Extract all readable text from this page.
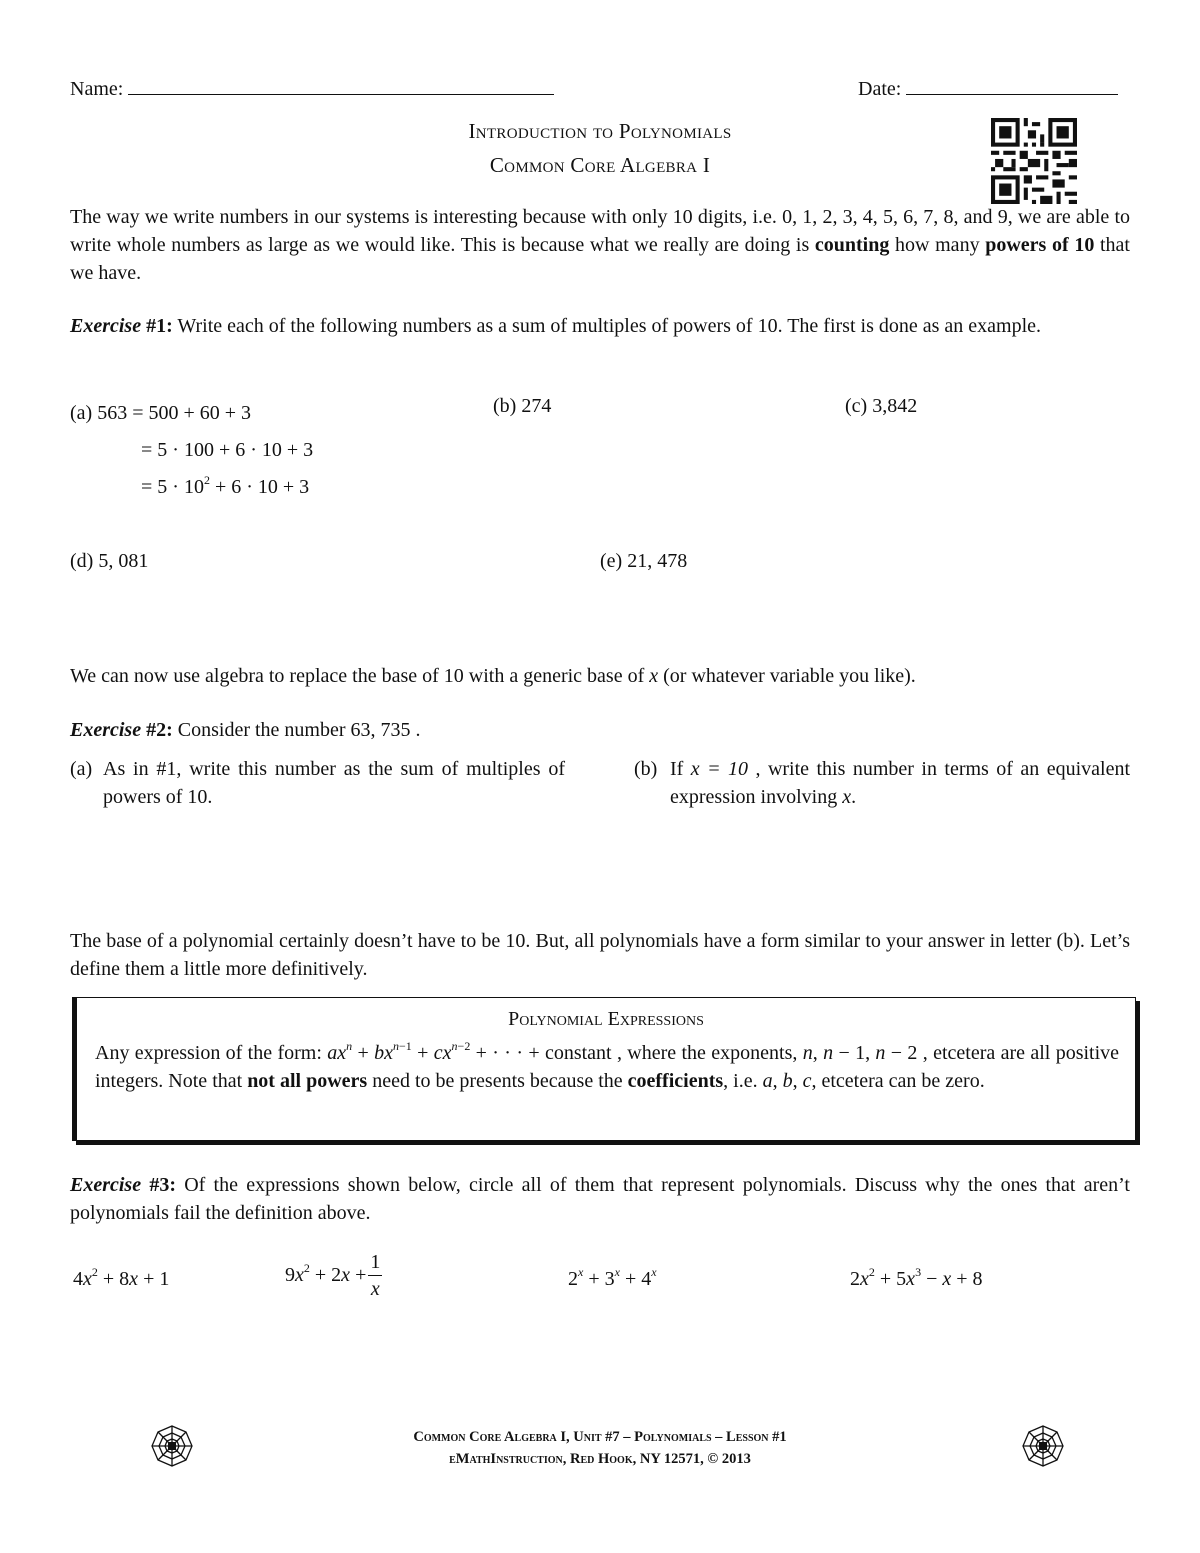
Name:	Date:
Introduction to Polynomials
Common Core Algebra I
The way we write numbers in our systems is interesting because with only 10 digits, i.e. 0, 1, 2, 3, 4, 5, 6, 7, 8, and 9, we are able to write whole numbers as large as we would like. This is because what we really are doing is counting how many powers of 10 that we have.
Exercise #1: Write each of the following numbers as a sum of multiples of powers of 10. The first is done as an example.
(a) 563 = 500 + 60 + 3
= 5 · 100 + 6 · 10 + 3
= $5 \cdot 10^2 + 6 \cdot 10 + 3$
(b) 274	(c) 3,842
(d) 5, 081	(e) 21, 478
We can now use algebra to replace the base of 10 with a generic base of x (or whatever variable you like).
Exercise #2: Consider the number 63, 735 .
(a) As in #1, write this number as the sum of multiples of powers of 10.
(b) If x = 10 , write this number in terms of an equivalent expression involving x.
The base of a polynomial certainly doesn’t have to be 10. But, all polynomials have a form similar to your answer in letter (b). Let’s define them a little more definitively.
Polynomial Expressions
Any expression of the form: $ax^n + bx^{n-1} + cx^{n-2}$ + · · · + constant , where the exponents, n, n − 1, n − 2 , etcetera are all positive integers. Note that not all powers need to be presents because the coefficients, i.e. a, b, c, etcetera can be zero.
Exercise #3: Of the expressions shown below, circle all of them that represent polynomials. Discuss why the ones that aren’t polynomials fail the definition above.
$4x^2 + 8x + 1$	$9x^2 + 2x + \frac{1}{x}$	$2^x + 3^x + 4^x$	$2x^2 + 5x^3 - x + 8$
Common Core Algebra I, Unit #7 – Polynomials – Lesson #1
eMathInstruction, Red Hook, NY 12571, © 2013
